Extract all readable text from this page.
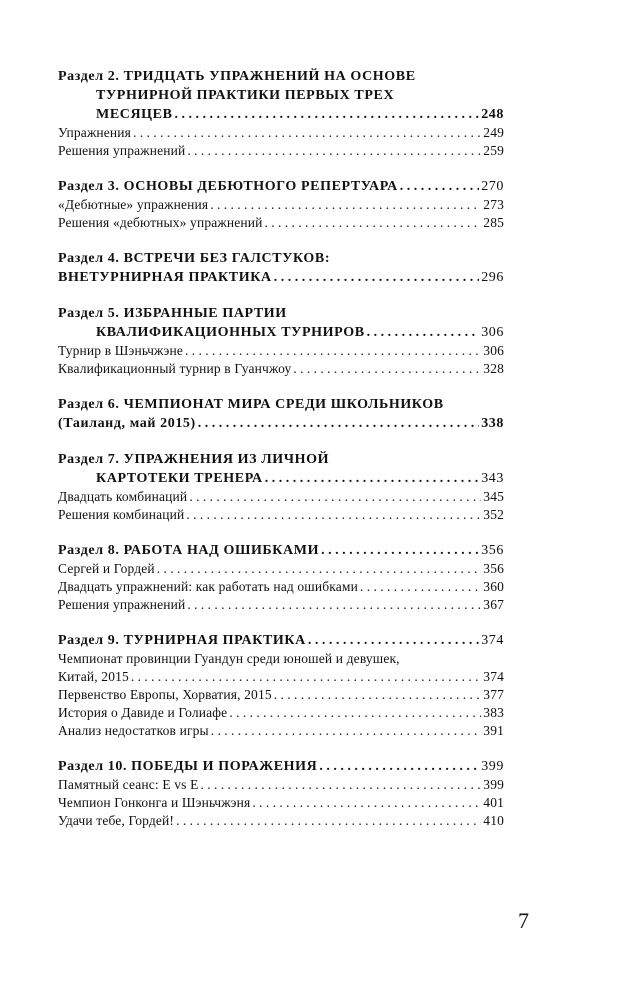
Раздел 2. ТРИДЦАТЬ УПРАЖНЕНИЙ НА ОСНОВЕ
ТУРНИРНОЙ ПРАКТИКИ ПЕРВЫХ ТРЕХ
МЕСЯЦЕВ . . .	248
Упражнения . . .	249
Решения упражнений . . .	259
Раздел 3. ОСНОВЫ ДЕБЮТНОГО РЕПЕРТУАРА . . .	270
«Дебютные» упражнения . . .	273
Решения «дебютных» упражнений . . .	285
Раздел 4. ВСТРЕЧИ БЕЗ ГАЛСТУКОВ:
ВНЕТУРНИРНАЯ ПРАКТИКА . . .	296
Раздел 5. ИЗБРАННЫЕ ПАРТИИ
КВАЛИФИКАЦИОННЫХ ТУРНИРОВ . . .	306
Турнир в Шэньчжэне . . .	306
Квалификационный турнир в Гуанчжоу . . .	328
Раздел 6. ЧЕМПИОНАТ МИРА СРЕДИ ШКОЛЬНИКОВ
(Таиланд, май 2015) . . .	338
Раздел 7. УПРАЖНЕНИЯ ИЗ ЛИЧНОЙ
КАРТОТЕКИ ТРЕНЕРА . . .	343
Двадцать комбинаций . . .	345
Решения комбинаций . . .	352
Раздел 8. РАБОТА НАД ОШИБКАМИ . . .	356
Сергей и Гордей . . .	356
Двадцать упражнений: как работать над ошибками . . .	360
Решения упражнений . . .	367
Раздел 9. ТУРНИРНАЯ ПРАКТИКА . . .	374
Чемпионат провинции Гуандун среди юношей и девушек,
Китай, 2015 . . .	374
Первенство Европы, Хорватия, 2015 . . .	377
История о Давиде и Голиафе . . .	383
Анализ недостатков игры . . .	391
Раздел 10. ПОБЕДЫ И ПОРАЖЕНИЯ . . .	399
Памятный сеанс: Е vs Е . . .	399
Чемпион Гонконга и Шэньчжэня . . .	401
Удачи тебе, Гордей! . . .	410
7
